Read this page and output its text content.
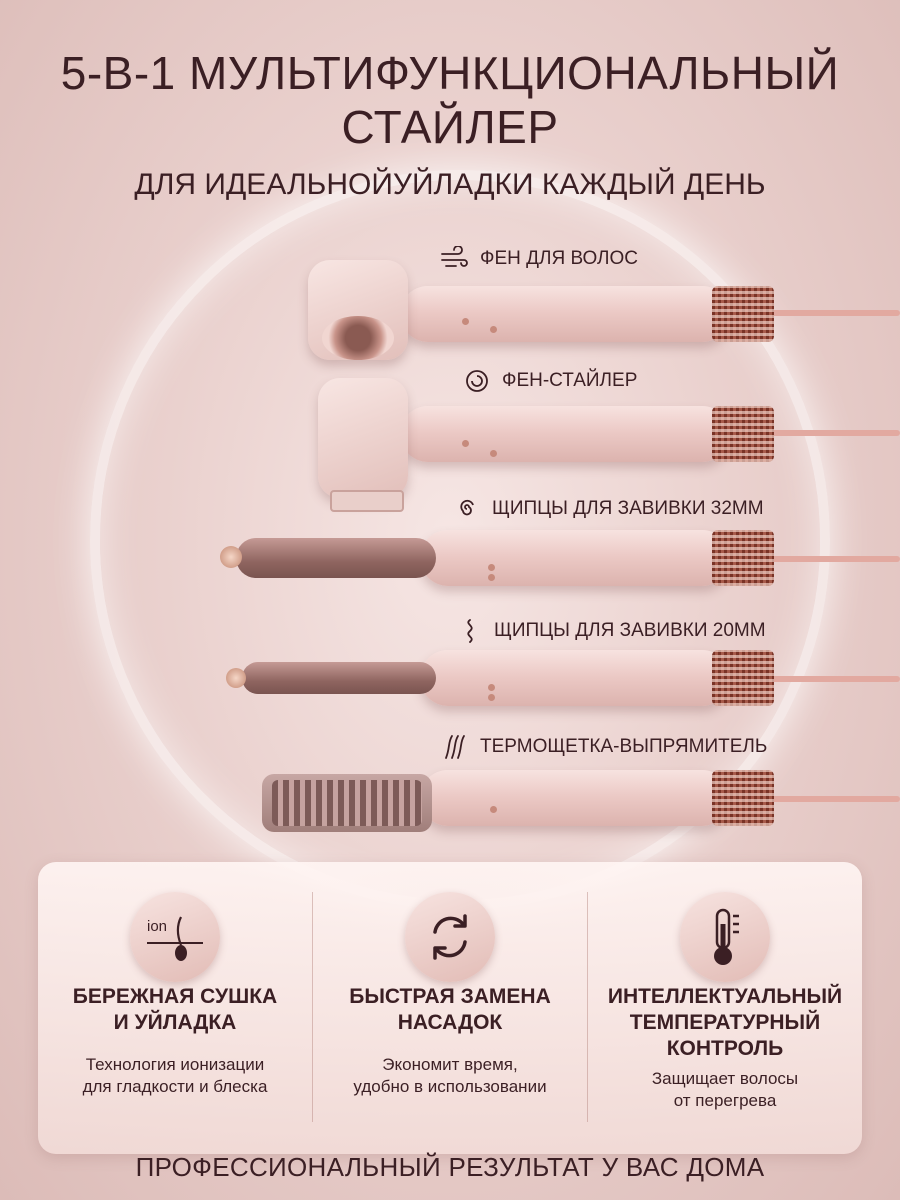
5-В-1 МУЛЬТИФУНКЦИОНАЛЬНЫЙ
СТАЙЛЕР
ДЛЯ ИДЕАЛЬНОЙУЙЛАДКИ КАЖДЫЙ ДЕНЬ
ФЕН ДЛЯ ВОЛОС
ФЕН-СТАЙЛЕР
ЩИПЦЫ ДЛЯ ЗАВИВКИ 32ММ
ЩИПЦЫ ДЛЯ ЗАВИВКИ 20ММ
ТЕРМОЩЕТКА-ВЫПРЯМИТЕЛЬ
ion
БЕРЕЖНАЯ СУШКА
И УЙЛАДКА
Технология ионизации
для гладкости и блеска
БЫСТРАЯ ЗАМЕНА
НАСАДОК
Экономит время,
удобно в использовании
ИНТЕЛЛЕКТУАЛЬНЫЙ
ТЕМПЕРАТУРНЫЙ
КОНТРОЛЬ
Защищает волосы
от перегрева
ПРОФЕССИОНАЛЬНЫЙ РЕЗУЛЬТАТ У ВАС ДОМА
